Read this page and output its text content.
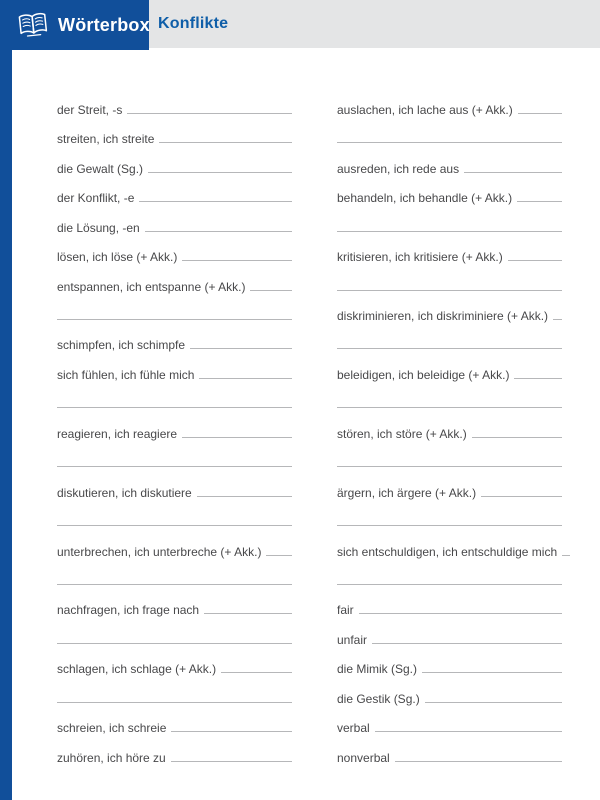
Konflikte
Wörterbox
der Streit, -s
streiten, ich streite
die Gewalt (Sg.)
der Konflikt, -e
die Lösung, -en
lösen, ich löse (+ Akk.)
entspannen, ich entspanne (+ Akk.)
schimpfen, ich schimpfe
sich fühlen, ich fühle mich
reagieren, ich reagiere
diskutieren, ich diskutiere
unterbrechen, ich unterbreche (+ Akk.)
nachfragen, ich frage nach
schlagen, ich schlage (+ Akk.)
schreien, ich schreie
zuhören, ich höre zu
auslachen, ich lache aus (+ Akk.)
ausreden, ich rede aus
behandeln, ich behandle (+ Akk.)
kritisieren, ich kritisiere (+ Akk.)
diskriminieren, ich diskriminiere (+ Akk.)
beleidigen, ich beleidige (+ Akk.)
stören, ich störe (+ Akk.)
ärgern, ich ärgere (+ Akk.)
sich entschuldigen, ich entschuldige mich
fair
unfair
die Mimik (Sg.)
die Gestik (Sg.)
verbal
nonverbal
